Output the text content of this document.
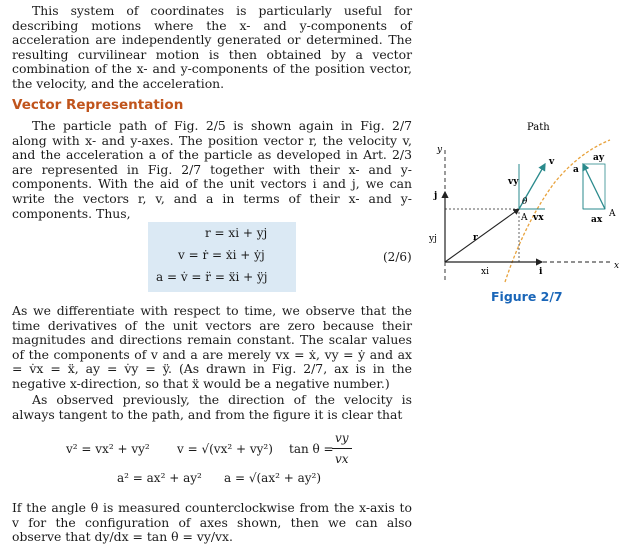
This system of coordinates is particularly useful for describing motions where the x- and y-components of acceleration are independently generated or determined. The resulting curvilinear motion is then obtained by a vector combination of the x- and y-components of the position vector, the velocity, and the acceleration.

Vector Representation

The particle path of Fig. 2/5 is shown again in Fig. 2/7 along with x- and y-axes. The position vector r, the velocity v, and the acceleration a of the particle as developed in Art. 2/3 are represented in Fig. 2/7 together with their x- and y-components. With the aid of the unit vectors i and j, we can write the vectors r, v, and a in terms of their x- and y-components. Thus,

r = xi + yj
v = ṙ = ẋi + ẏj
a = v̇ = r̈ = ẍi + ÿj
(2/6)

As we differentiate with respect to time, we observe that the time derivatives of the unit vectors are zero because their magnitudes and directions remain constant. The scalar values of the components of v and a are merely vx = ẋ, vy = ẏ and ax = v̇x = ẍ, ay = v̇y = ÿ. (As drawn in Fig. 2/7, ax is in the negative x-direction, so that ẍ would be a negative number.)

As observed previously, the direction of the velocity is always tangent to the path, and from the figure it is clear that

v² = vx² + vy² v = √(vx² + vy²) tan θ =
vy
vx
a² = ax² + ay² a = √(ax² + ay²)

If the angle θ is measured counterclockwise from the x-axis to v for the configuration of axes shown, then we can also observe that dy/dx = tan θ = vy/vx.

Path
y
x
j
i
r
yj
xi
v
vy
vx
θ
A
a
ay
ax
A
Figure 2/7
